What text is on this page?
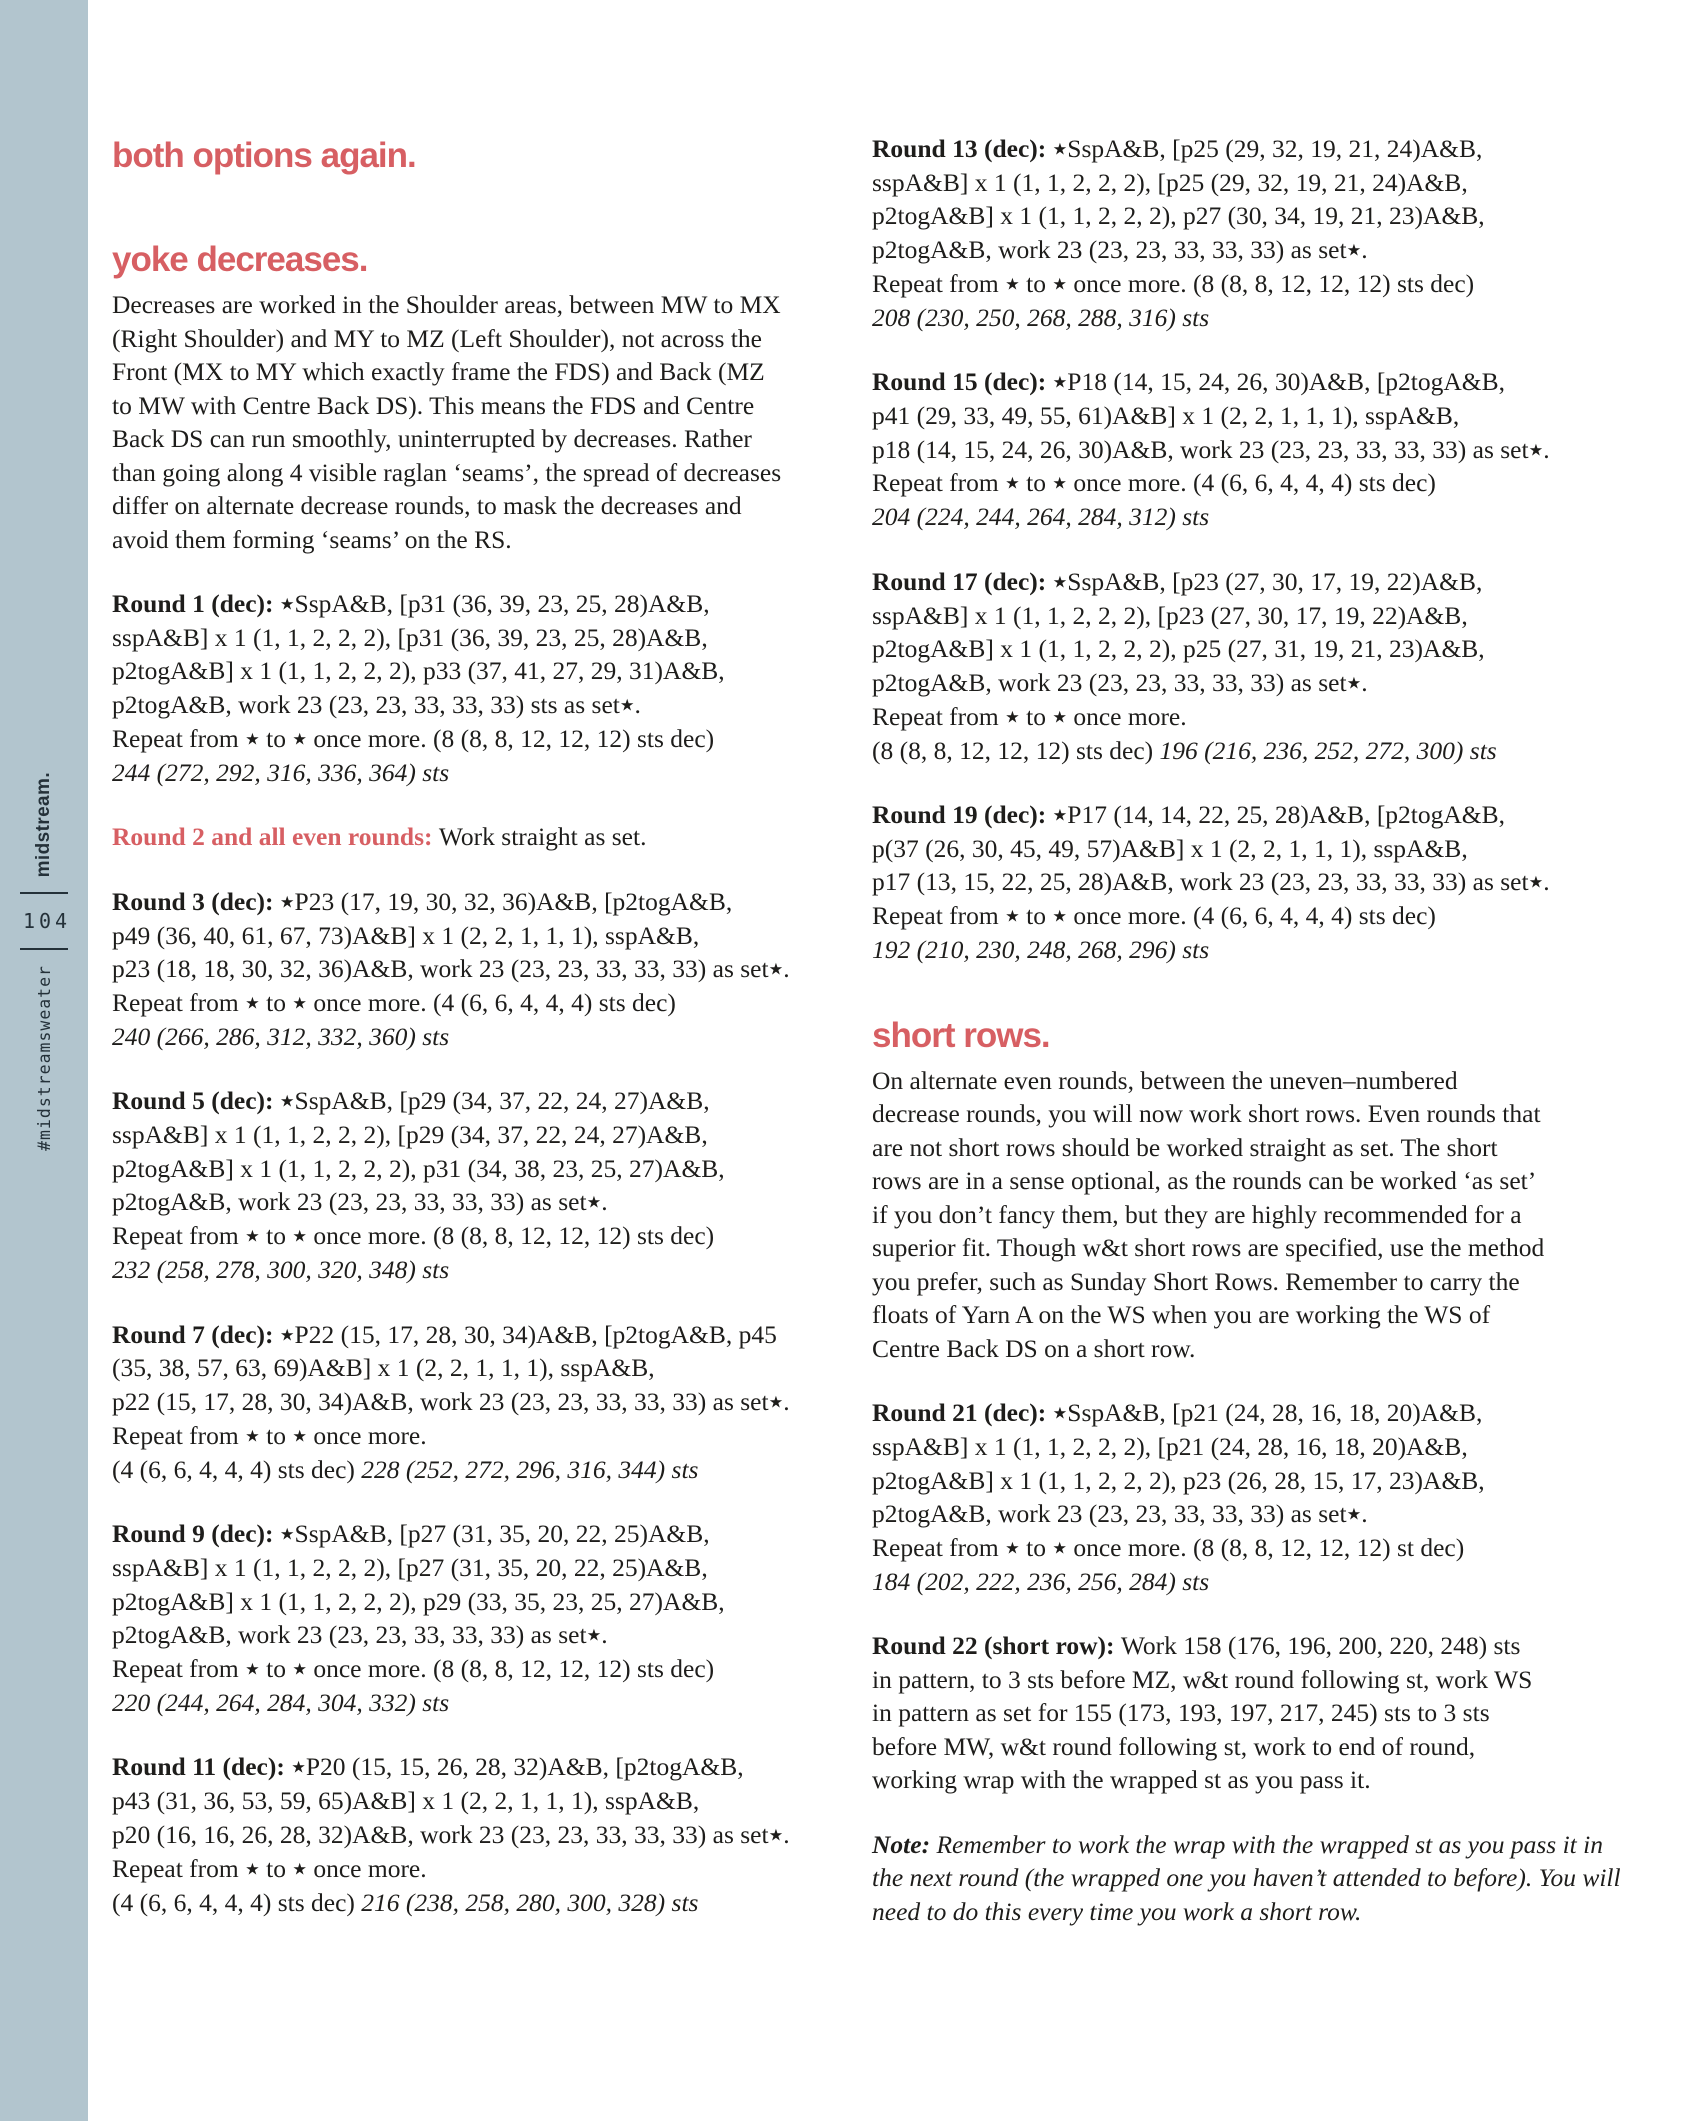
midstream.
104
#midstreamsweater
both options again.
yoke decreases.
Decreases are worked in the Shoulder areas, between MW to MX
(Right Shoulder) and MY to MZ (Left Shoulder), not across the
Front (MX to MY which exactly frame the FDS) and Back (MZ
to MW with Centre Back DS). This means the FDS and Centre
Back DS can run smoothly, uninterrupted by decreases. Rather
than going along 4 visible raglan ‘seams’, the spread of decreases
differ on alternate decrease rounds, to mask the decreases and
avoid them forming ‘seams’ on the RS.
Round 1 (dec): ★SspA&B, [p31 (36, 39, 23, 25, 28)A&B,
sspA&B] x 1 (1, 1, 2, 2, 2), [p31 (36, 39, 23, 25, 28)A&B,
p2togA&B] x 1 (1, 1, 2, 2, 2), p33 (37, 41, 27, 29, 31)A&B,
p2togA&B, work 23 (23, 23, 33, 33, 33) sts as set★.
Repeat from ★ to ★ once more. (8 (8, 8, 12, 12, 12) sts dec)
244 (272, 292, 316, 336, 364) sts
Round 2 and all even rounds: Work straight as set.
Round 3 (dec): ★P23 (17, 19, 30, 32, 36)A&B, [p2togA&B,
p49 (36, 40, 61, 67, 73)A&B] x 1 (2, 2, 1, 1, 1), sspA&B,
p23 (18, 18, 30, 32, 36)A&B, work 23 (23, 23, 33, 33, 33) as set★.
Repeat from ★ to ★ once more. (4 (6, 6, 4, 4, 4) sts dec)
240 (266, 286, 312, 332, 360) sts
Round 5 (dec): ★SspA&B, [p29 (34, 37, 22, 24, 27)A&B,
sspA&B] x 1 (1, 1, 2, 2, 2), [p29 (34, 37, 22, 24, 27)A&B,
p2togA&B] x 1 (1, 1, 2, 2, 2), p31 (34, 38, 23, 25, 27)A&B,
p2togA&B, work 23 (23, 23, 33, 33, 33) as set★.
Repeat from ★ to ★ once more. (8 (8, 8, 12, 12, 12) sts dec)
232 (258, 278, 300, 320, 348) sts
Round 7 (dec): ★P22 (15, 17, 28, 30, 34)A&B, [p2togA&B, p45
(35, 38, 57, 63, 69)A&B] x 1 (2, 2, 1, 1, 1), sspA&B,
p22 (15, 17, 28, 30, 34)A&B, work 23 (23, 23, 33, 33, 33) as set★.
Repeat from ★ to ★ once more.
(4 (6, 6, 4, 4, 4) sts dec) 228 (252, 272, 296, 316, 344) sts
Round 9 (dec): ★SspA&B, [p27 (31, 35, 20, 22, 25)A&B,
sspA&B] x 1 (1, 1, 2, 2, 2), [p27 (31, 35, 20, 22, 25)A&B,
p2togA&B] x 1 (1, 1, 2, 2, 2), p29 (33, 35, 23, 25, 27)A&B,
p2togA&B, work 23 (23, 23, 33, 33, 33) as set★.
Repeat from ★ to ★ once more. (8 (8, 8, 12, 12, 12) sts dec)
220 (244, 264, 284, 304, 332) sts
Round 11 (dec): ★P20 (15, 15, 26, 28, 32)A&B, [p2togA&B,
p43 (31, 36, 53, 59, 65)A&B] x 1 (2, 2, 1, 1, 1), sspA&B,
p20 (16, 16, 26, 28, 32)A&B, work 23 (23, 23, 33, 33, 33) as set★.
Repeat from ★ to ★ once more.
(4 (6, 6, 4, 4, 4) sts dec) 216 (238, 258, 280, 300, 328) sts
Round 13 (dec): ★SspA&B, [p25 (29, 32, 19, 21, 24)A&B,
sspA&B] x 1 (1, 1, 2, 2, 2), [p25 (29, 32, 19, 21, 24)A&B,
p2togA&B] x 1 (1, 1, 2, 2, 2), p27 (30, 34, 19, 21, 23)A&B,
p2togA&B, work 23 (23, 23, 33, 33, 33) as set★.
Repeat from ★ to ★ once more. (8 (8, 8, 12, 12, 12) sts dec)
208 (230, 250, 268, 288, 316) sts
Round 15 (dec): ★P18 (14, 15, 24, 26, 30)A&B, [p2togA&B,
p41 (29, 33, 49, 55, 61)A&B] x 1 (2, 2, 1, 1, 1), sspA&B,
p18 (14, 15, 24, 26, 30)A&B, work 23 (23, 23, 33, 33, 33) as set★.
Repeat from ★ to ★ once more. (4 (6, 6, 4, 4, 4) sts dec)
204 (224, 244, 264, 284, 312) sts
Round 17 (dec): ★SspA&B, [p23 (27, 30, 17, 19, 22)A&B,
sspA&B] x 1 (1, 1, 2, 2, 2), [p23 (27, 30, 17, 19, 22)A&B,
p2togA&B] x 1 (1, 1, 2, 2, 2), p25 (27, 31, 19, 21, 23)A&B,
p2togA&B, work 23 (23, 23, 33, 33, 33) as set★.
Repeat from ★ to ★ once more.
(8 (8, 8, 12, 12, 12) sts dec) 196 (216, 236, 252, 272, 300) sts
Round 19 (dec): ★P17 (14, 14, 22, 25, 28)A&B, [p2togA&B,
p(37 (26, 30, 45, 49, 57)A&B] x 1 (2, 2, 1, 1, 1), sspA&B,
p17 (13, 15, 22, 25, 28)A&B, work 23 (23, 23, 33, 33, 33) as set★.
Repeat from ★ to ★ once more. (4 (6, 6, 4, 4, 4) sts dec)
192 (210, 230, 248, 268, 296) sts
short rows.
On alternate even rounds, between the uneven–numbered
decrease rounds, you will now work short rows. Even rounds that
are not short rows should be worked straight as set. The short
rows are in a sense optional, as the rounds can be worked ‘as set’
if you don’t fancy them, but they are highly recommended for a
superior fit. Though w&t short rows are specified, use the method
you prefer, such as Sunday Short Rows. Remember to carry the
floats of Yarn A on the WS when you are working the WS of
Centre Back DS on a short row.
Round 21 (dec): ★SspA&B, [p21 (24, 28, 16, 18, 20)A&B,
sspA&B] x 1 (1, 1, 2, 2, 2), [p21 (24, 28, 16, 18, 20)A&B,
p2togA&B] x 1 (1, 1, 2, 2, 2), p23 (26, 28, 15, 17, 23)A&B,
p2togA&B, work 23 (23, 23, 33, 33, 33) as set★.
Repeat from ★ to ★ once more. (8 (8, 8, 12, 12, 12) st dec)
184 (202, 222, 236, 256, 284) sts
Round 22 (short row): Work 158 (176, 196, 200, 220, 248) sts
in pattern, to 3 sts before MZ, w&t round following st, work WS
in pattern as set for 155 (173, 193, 197, 217, 245) sts to 3 sts
before MW, w&t round following st, work to end of round,
working wrap with the wrapped st as you pass it.
Note: Remember to work the wrap with the wrapped st as you pass it in
the next round (the wrapped one you haven’t attended to before). You will
need to do this every time you work a short row.
